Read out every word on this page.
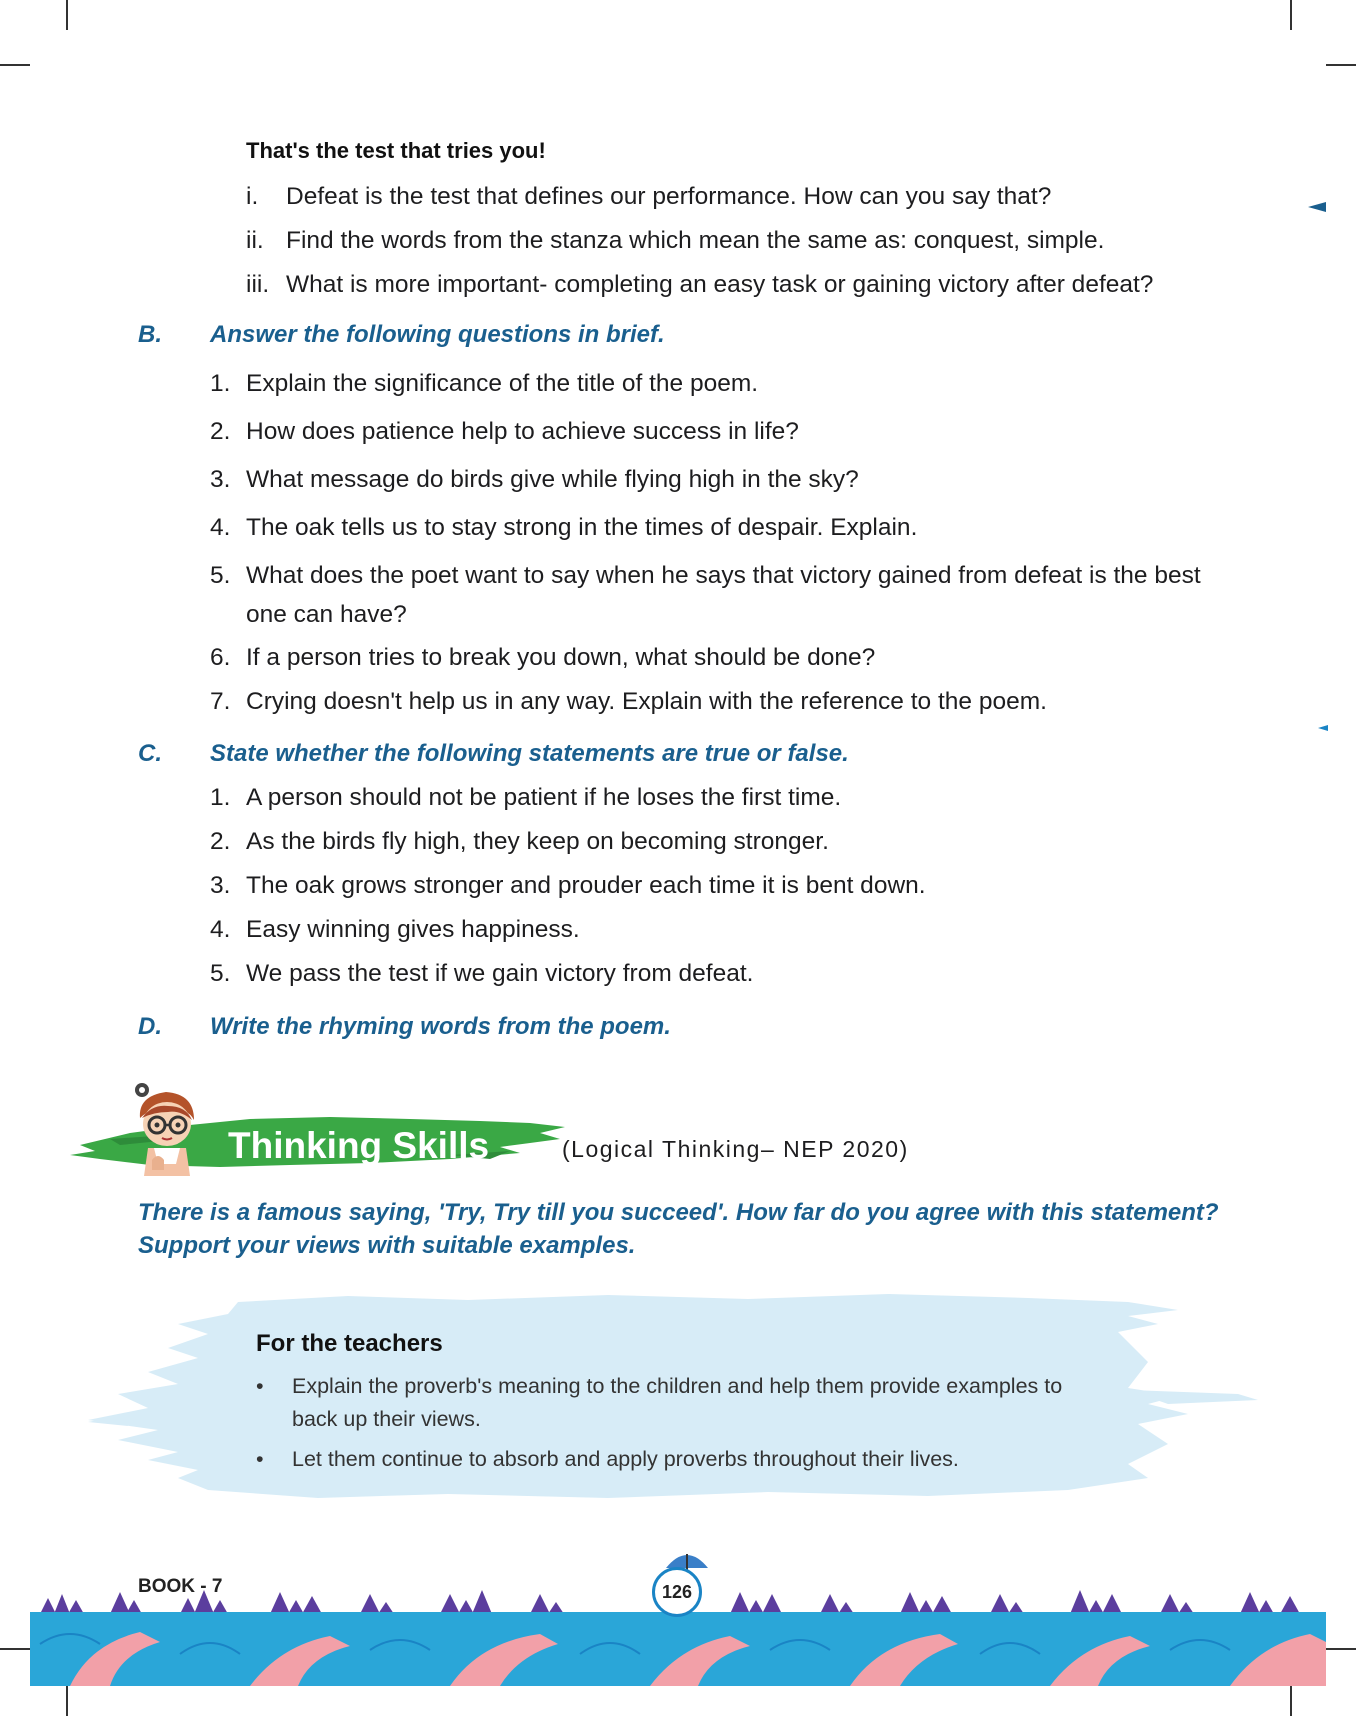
That's the test that tries you!
i. Defeat is the test that defines our performance. How can you say that?
ii. Find the words from the stanza which mean the same as: conquest, simple.
iii. What is more important- completing an easy task or gaining victory after defeat?
B. Answer the following questions in brief.
1. Explain the significance of the title of the poem.
2. How does patience help to achieve success in life?
3. What message do birds give while flying high in the sky?
4. The oak tells us to stay strong in the times of despair. Explain.
5. What does the poet want to say when he says that victory gained from defeat is the best
one can have?
6. If a person tries to break you down, what should be done?
7. Crying doesn't help us in any way. Explain with the reference to the poem.
C. State whether the following statements are true or false.
1. A person should not be patient if he loses the first time.
2. As the birds fly high, they keep on becoming stronger.
3. The oak grows stronger and prouder each time it is bent down.
4. Easy winning gives happiness.
5. We pass the test if we gain victory from defeat.
D. Write the rhyming words from the poem.
Thinking Skills	(Logical Thinking– NEP 2020)
There is a famous saying, 'Try, Try till you succeed'. How far do you agree with this statement?
Support your views with suitable examples.
For the teachers
• Explain the proverb's meaning to the children and help them provide examples to back up their views.
• Let them continue to absorb and apply proverbs throughout their lives.
BOOK - 7	126
